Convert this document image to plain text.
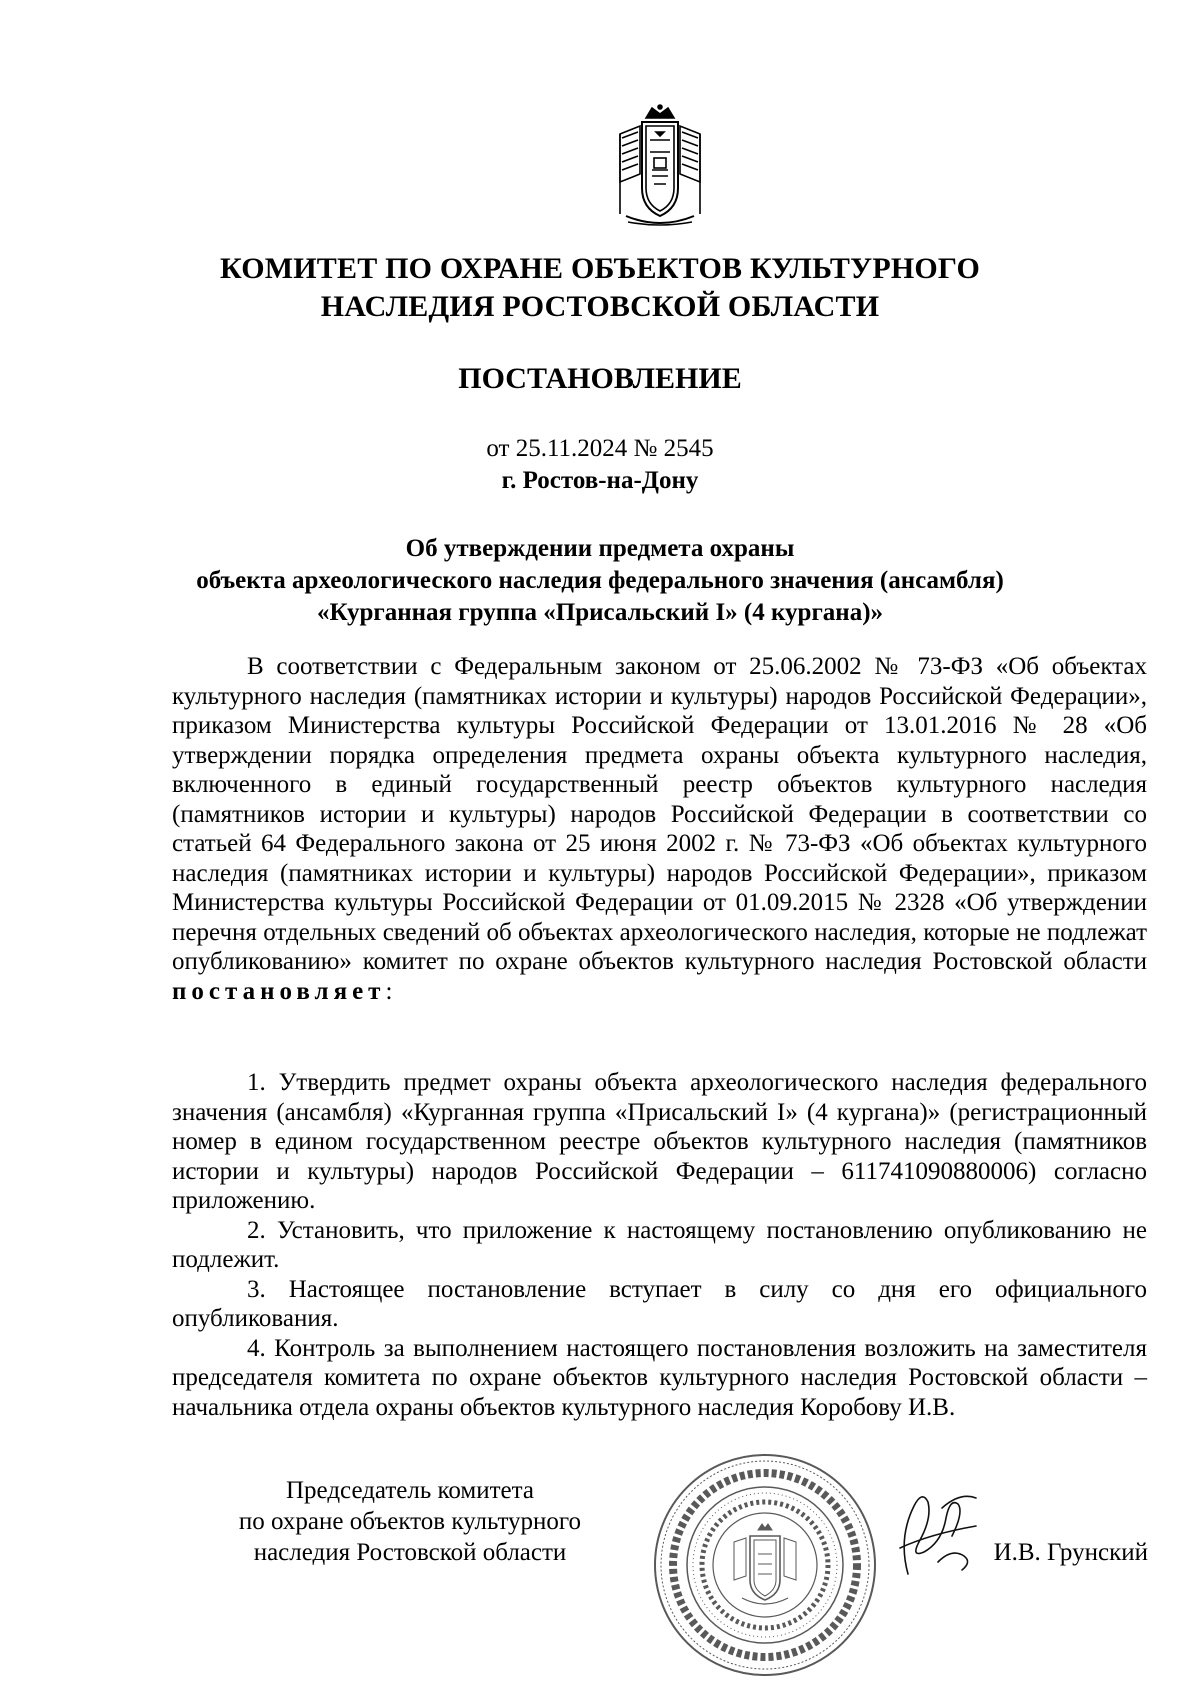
КОМИТЕТ ПО ОХРАНЕ ОБЪЕКТОВ КУЛЬТУРНОГО
НАСЛЕДИЯ РОСТОВСКОЙ ОБЛАСТИ
ПОСТАНОВЛЕНИЕ
от 25.11.2024 № 2545
г. Ростов-на-Дону
Об утверждении предмета охраны
объекта археологического наследия федерального значения (ансамбля)
«Курганная группа «Присальский I» (4 кургана)»

В соответствии с Федеральным законом от 25.06.2002 № 73-ФЗ «Об объектах культурного наследия (памятниках истории и культуры) народов Российской Федерации», приказом Министерства культуры Российской Федерации от 13.01.2016 № 28 «Об утверждении порядка определения предмета охраны объекта культурного наследия, включенного в единый государственный реестр объектов культурного наследия (памятников истории и культуры) народов Российской Федерации в соответствии со статьей 64 Федерального закона от 25 июня 2002 г. № 73-ФЗ «Об объектах культурного наследия (памятниках истории и культуры) народов Российской Федерации», приказом Министерства культуры Российской Федерации от 01.09.2015 № 2328 «Об утверждении перечня отдельных сведений об объектах археологического наследия, которые не подлежат опубликованию» комитет по охране объектов культурного наследия Ростовской области постановляет:

1. Утвердить предмет охраны объекта археологического наследия федерального значения (ансамбля) «Курганная группа «Присальский I» (4 кургана)» (регистрационный номер в едином государственном реестре объектов культурного наследия (памятников истории и культуры) народов Российской Федерации – 611741090880006) согласно приложению.

2. Установить, что приложение к настоящему постановлению опубликованию не подлежит.

3. Настоящее постановление вступает в силу со дня его официального опубликования.

4. Контроль за выполнением настоящего постановления возложить на заместителя председателя комитета по охране объектов культурного наследия Ростовской области – начальника отдела охраны объектов культурного наследия Коробову И.В.

Председатель комитета
по охране объектов культурного
наследия Ростовской области	И.В. Грунский
